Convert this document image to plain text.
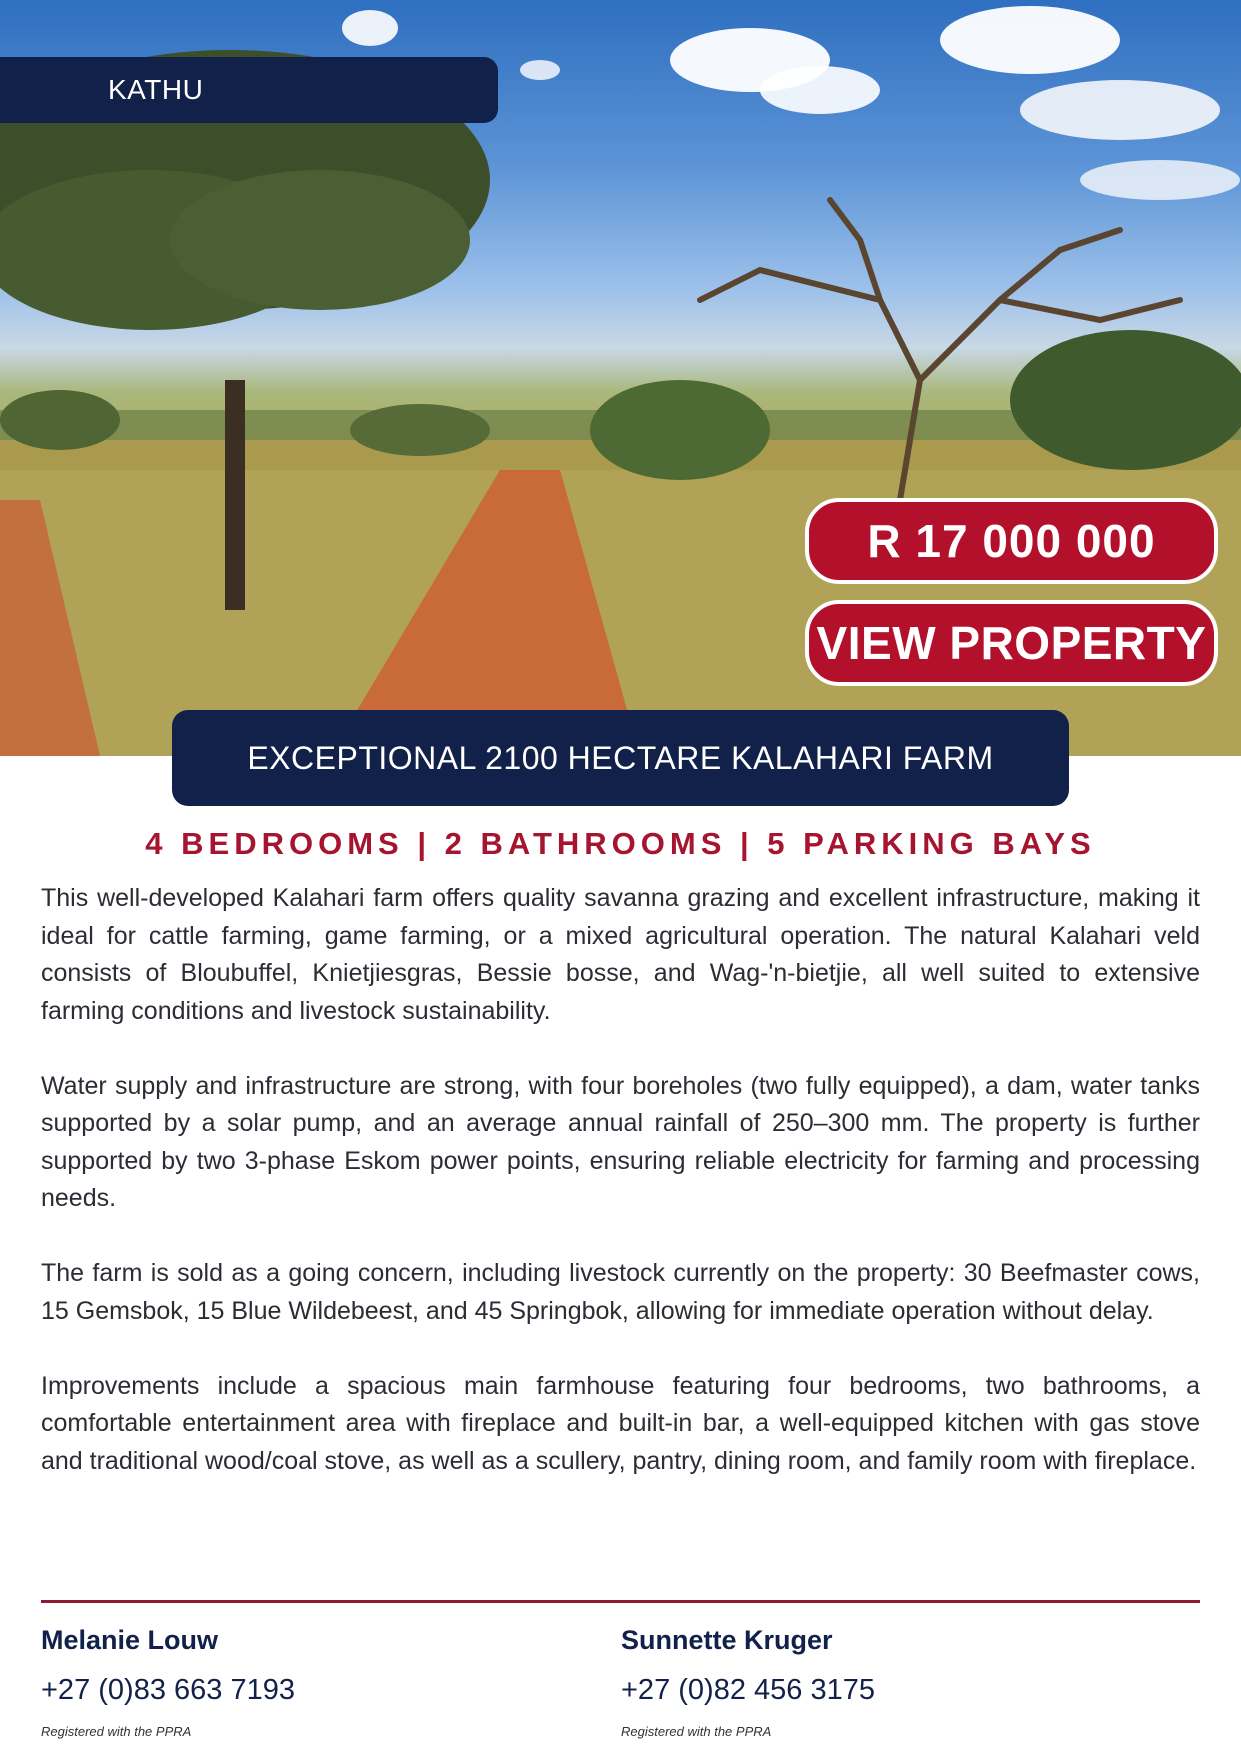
KATHU
R 17 000 000
VIEW PROPERTY
EXCEPTIONAL 2100 HECTARE KALAHARI FARM
4 BEDROOMS | 2 BATHROOMS | 5 PARKING BAYS

This well-developed Kalahari farm offers quality savanna grazing and excellent infrastructure, making it ideal for cattle farming, game farming, or a mixed agricultural operation. The natural Kalahari veld consists of Bloubuffel, Knietjiesgras, Bessie bosse, and Wag-'n-bietjie, all well suited to extensive farming conditions and livestock sustainability.

Water supply and infrastructure are strong, with four boreholes (two fully equipped), a dam, water tanks supported by a solar pump, and an average annual rainfall of 250–300 mm. The property is further supported by two 3-phase Eskom power points, ensuring reliable electricity for farming and processing needs.

The farm is sold as a going concern, including livestock currently on the property: 30 Beefmaster cows, 15 Gemsbok, 15 Blue Wildebeest, and 45 Springbok, allowing for immediate operation without delay.

Improvements include a spacious main farmhouse featuring four bedrooms, two bathrooms, a comfortable entertainment area with fireplace and built-in bar, a well-equipped kitchen with gas stove and traditional wood/coal stove, as well as a scullery, pantry, dining room, and family room with fireplace.

Melanie Louw
+27 (0)83 663 7193
Registered with the PPRA
Sunnette Kruger
+27 (0)82 456 3175
Registered with the PPRA
